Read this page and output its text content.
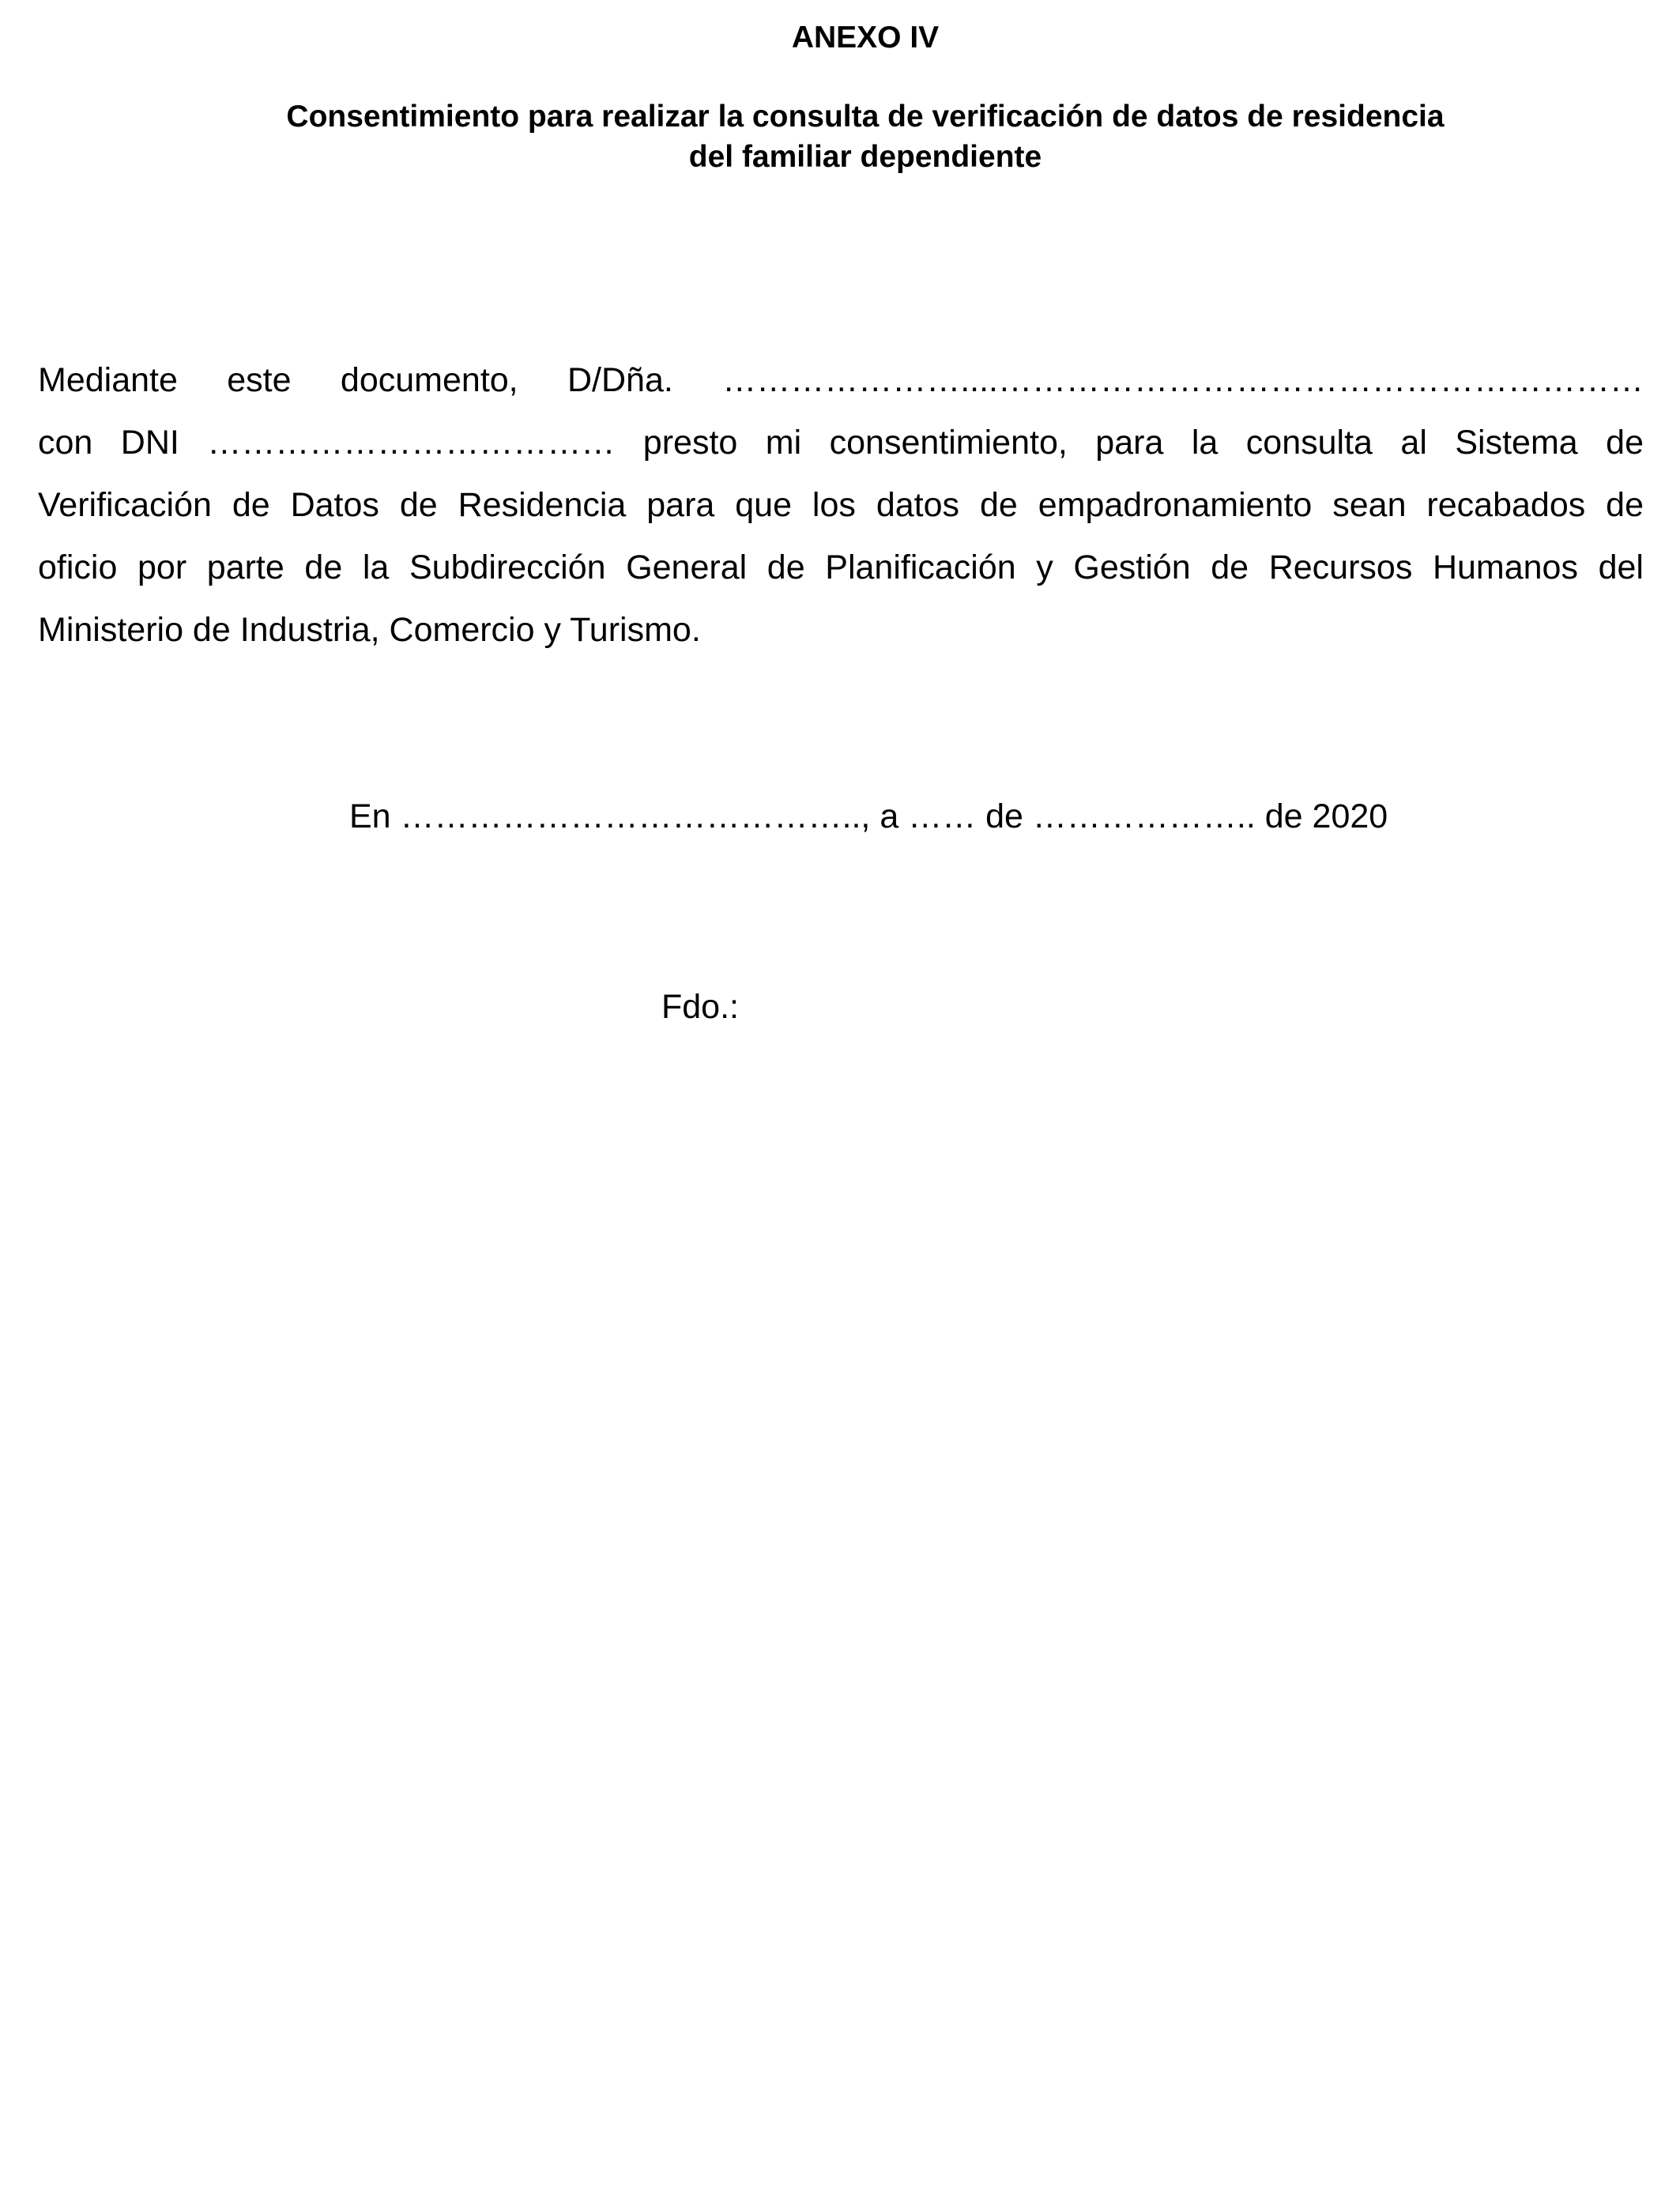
ANEXO IV
Consentimiento para realizar la consulta de verificación de datos de residencia
del familiar dependiente
Mediante este documento, D/Dña. …………………....…………………………………………………
con DNI ……………………………… presto mi consentimiento, para la consulta al Sistema de
Verificación de Datos de Residencia para que los datos de empadronamiento sean recabados de
oficio por parte de la Subdirección General de Planificación y Gestión de Recursos Humanos del
Ministerio de Industria, Comercio y Turismo.
En ………………………………….., a …… de ……………….. de 2020
Fdo.:
